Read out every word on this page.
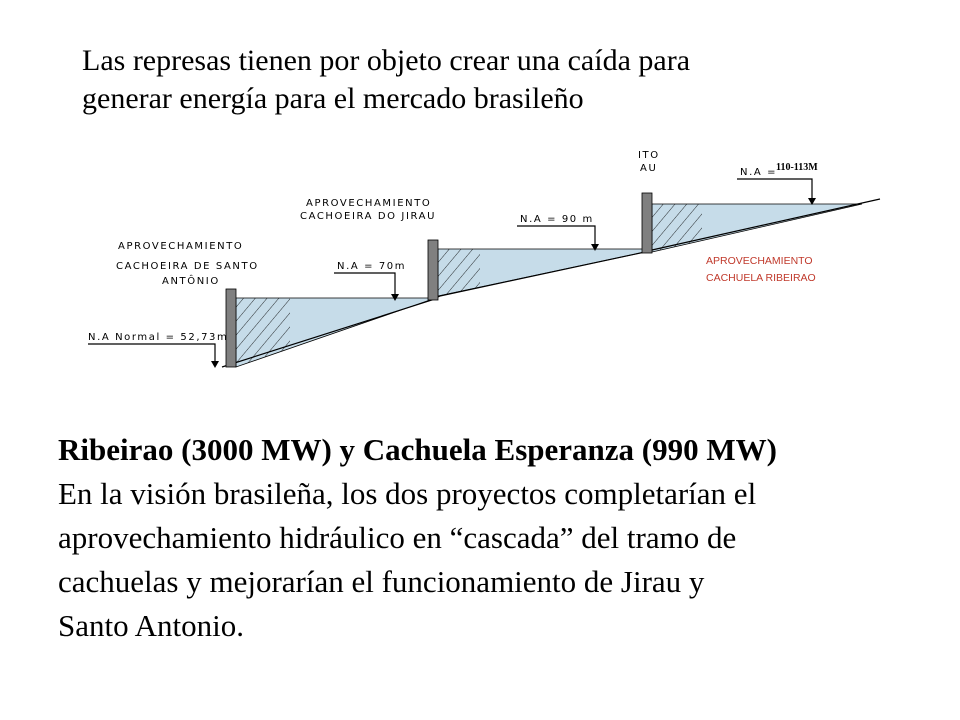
Las represas tienen por objeto crear una caída para
generar energía para el mercado brasileño
APROVECHAMIENTO
CACHOEIRA DE SANTO
ANTÔNIO
N.A Normal = 52,73m
N.A = 70m
APROVECHAMIENTO
CACHOEIRA DO JIRAU	N.A = 90 m
ITO
AU	N.A =
110-113M
APROVECHAMIENTO
CACHUELA RIBEIRAO
Ribeirao (3000 MW) y Cachuela Esperanza (990 MW)
En la visión brasileña, los dos proyectos completarían el
aprovechamiento hidráulico en “cascada” del tramo de
cachuelas y mejorarían el funcionamiento de Jirau y
Santo Antonio.
